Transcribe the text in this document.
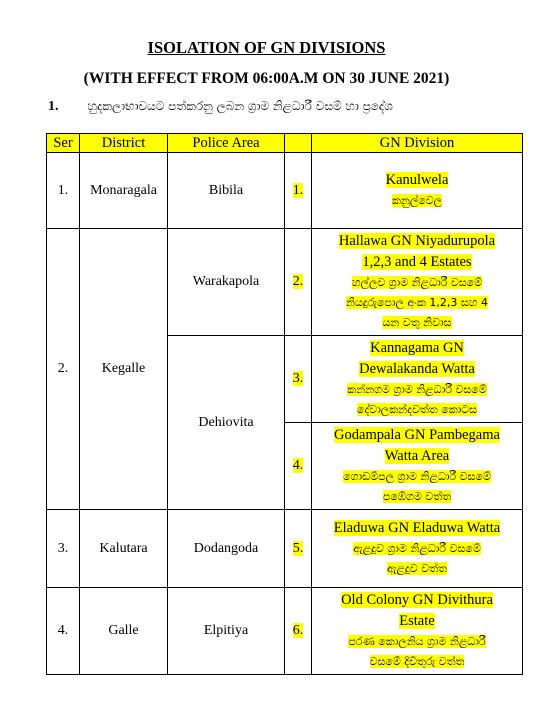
ISOLATION OF GN DIVISIONS
(WITH EFFECT FROM 06:00A.M ON 30 JUNE 2021)
1. හුදකලාභාවයට පත්කරනු ලබන ග්‍රාම නිළධාරී වසම් හා ප්‍රදේශ
Ser	District	Police Area		GN Division
1.	Monaragala	Bibila	1.	Kanulwela
කනුල්වෙල

2.	Kegalle	Warakapola	2.	Hallawa GN Niyadurupola
1,2,3 and 4 Estates
හල්ලව ග්‍රාම නිළධාරී වසමේ
නියදුරුපොල අංක 1,2,3 සහ 4
යන වතු නිවාස

		Dehiovita	3.	Kannagama GN
Dewalakanda Watta
කන්නගම ග්‍රාම නිළධාරී වසමේ
දේවාලකන්දවත්ත කොටස

			4.	Godampala GN Pambegama
Watta Area
ගොඩම්පල ග්‍රාම නිළධාරී වසමේ
පඹේගම වත්ත

3.	Kalutara	Dodangoda	5.	Eladuwa GN Eladuwa Watta
ඇළදුව ග්‍රාම නිළධාරී වසමේ
ඇළදුව වත්ත

4.	Galle	Elpitiya	6.	Old Colony GN Divithura
Estate
පරණ කොලනිය ග්‍රාම නිළධාරී
වසමේ දිවිතුරු වත්ත
